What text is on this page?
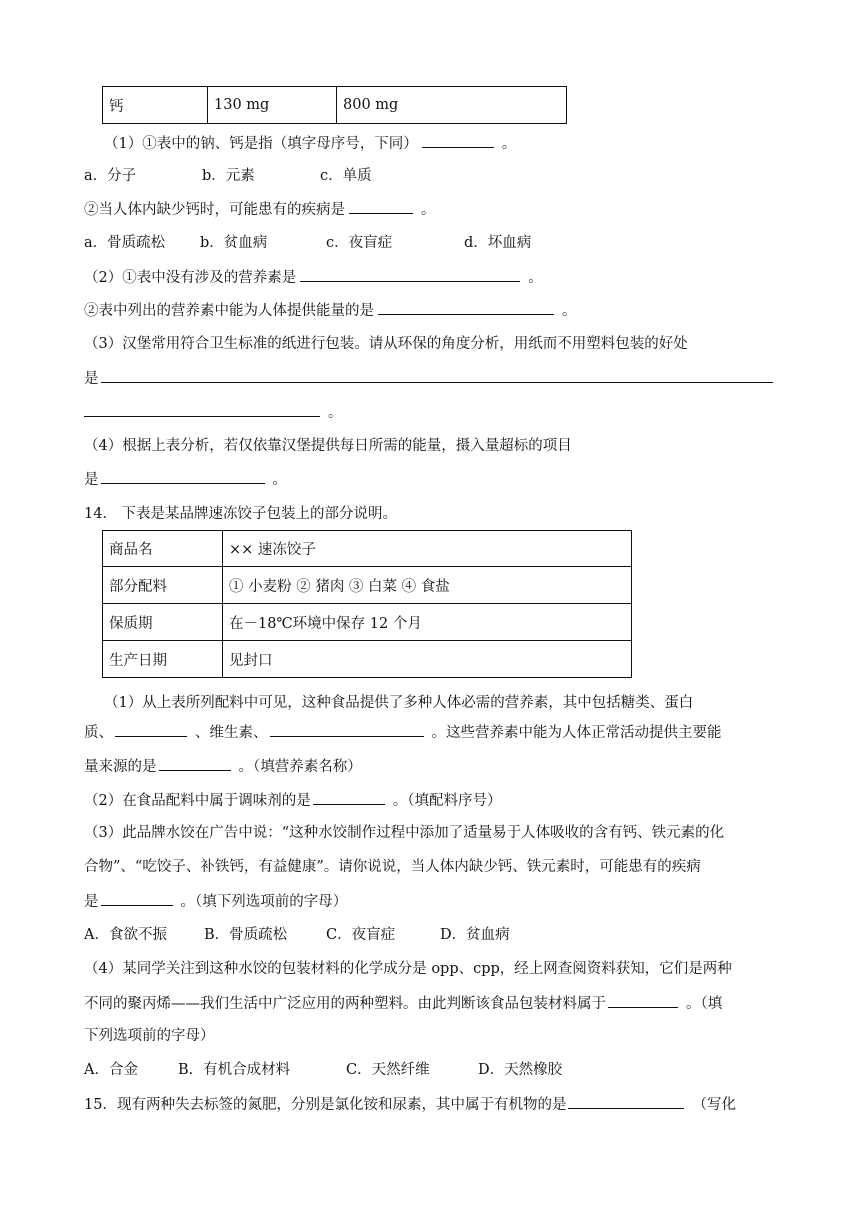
钙	130 mg	800 mg
（1）①表中的钠、钙是指（填字母序号，下同）	。
a．分子	b．元素	c．单质
②当人体内缺少钙时，可能患有的疾病是	。
a．骨质疏松 b．贫血病	c．夜盲症	d．坏血病
（2）①表中没有涉及的营养素是	。
②表中列出的营养素中能为人体提供能量的是	。
（3）汉堡常用符合卫生标准的纸进行包装。请从环保的角度分析，用纸而不用塑料包装的好处
是
。
（4）根据上表分析，若仅依靠汉堡提供每日所需的能量，摄入量超标的项目
是	。
14． 下表是某品牌速冻饺子包装上的部分说明。
商品名	×× 速冻饺子
部分配料	① 小麦粉 ② 猪肉 ③ 白菜 ④ 食盐
保质期	在－18℃环境中保存 12 个月
生产日期	见封口
（1）从上表所列配料中可见，这种食品提供了多种人体必需的营养素，其中包括糖类、蛋白
质、	、维生素、	。这些营养素中能为人体正常活动提供主要能
量来源的是	。（填营养素名称）
（2）在食品配料中属于调味剂的是	。（填配料序号）
（3）此品牌水饺在广告中说：“这种水饺制作过程中添加了适量易于人体吸收的含有钙、铁元素的化
合物”、“吃饺子、补铁钙，有益健康”。请你说说，当人体内缺少钙、铁元素时，可能患有的疾病
是	。（填下列选项前的字母）
A．食欲不振	B．骨质疏松	C．夜盲症	D．贫血病
（4）某同学关注到这种水饺的包装材料的化学成分是 opp、cpp，经上网查阅资料获知，它们是两种
不同的聚丙烯——我们生活中广泛应用的两种塑料。由此判断该食品包装材料属于	。（填
下列选项前的字母）
A．合金	B．有机合成材料	C．天然纤维	D．天然橡胶
15．现有两种失去标签的氮肥，分别是氯化铵和尿素，其中属于有机物的是	（写化
